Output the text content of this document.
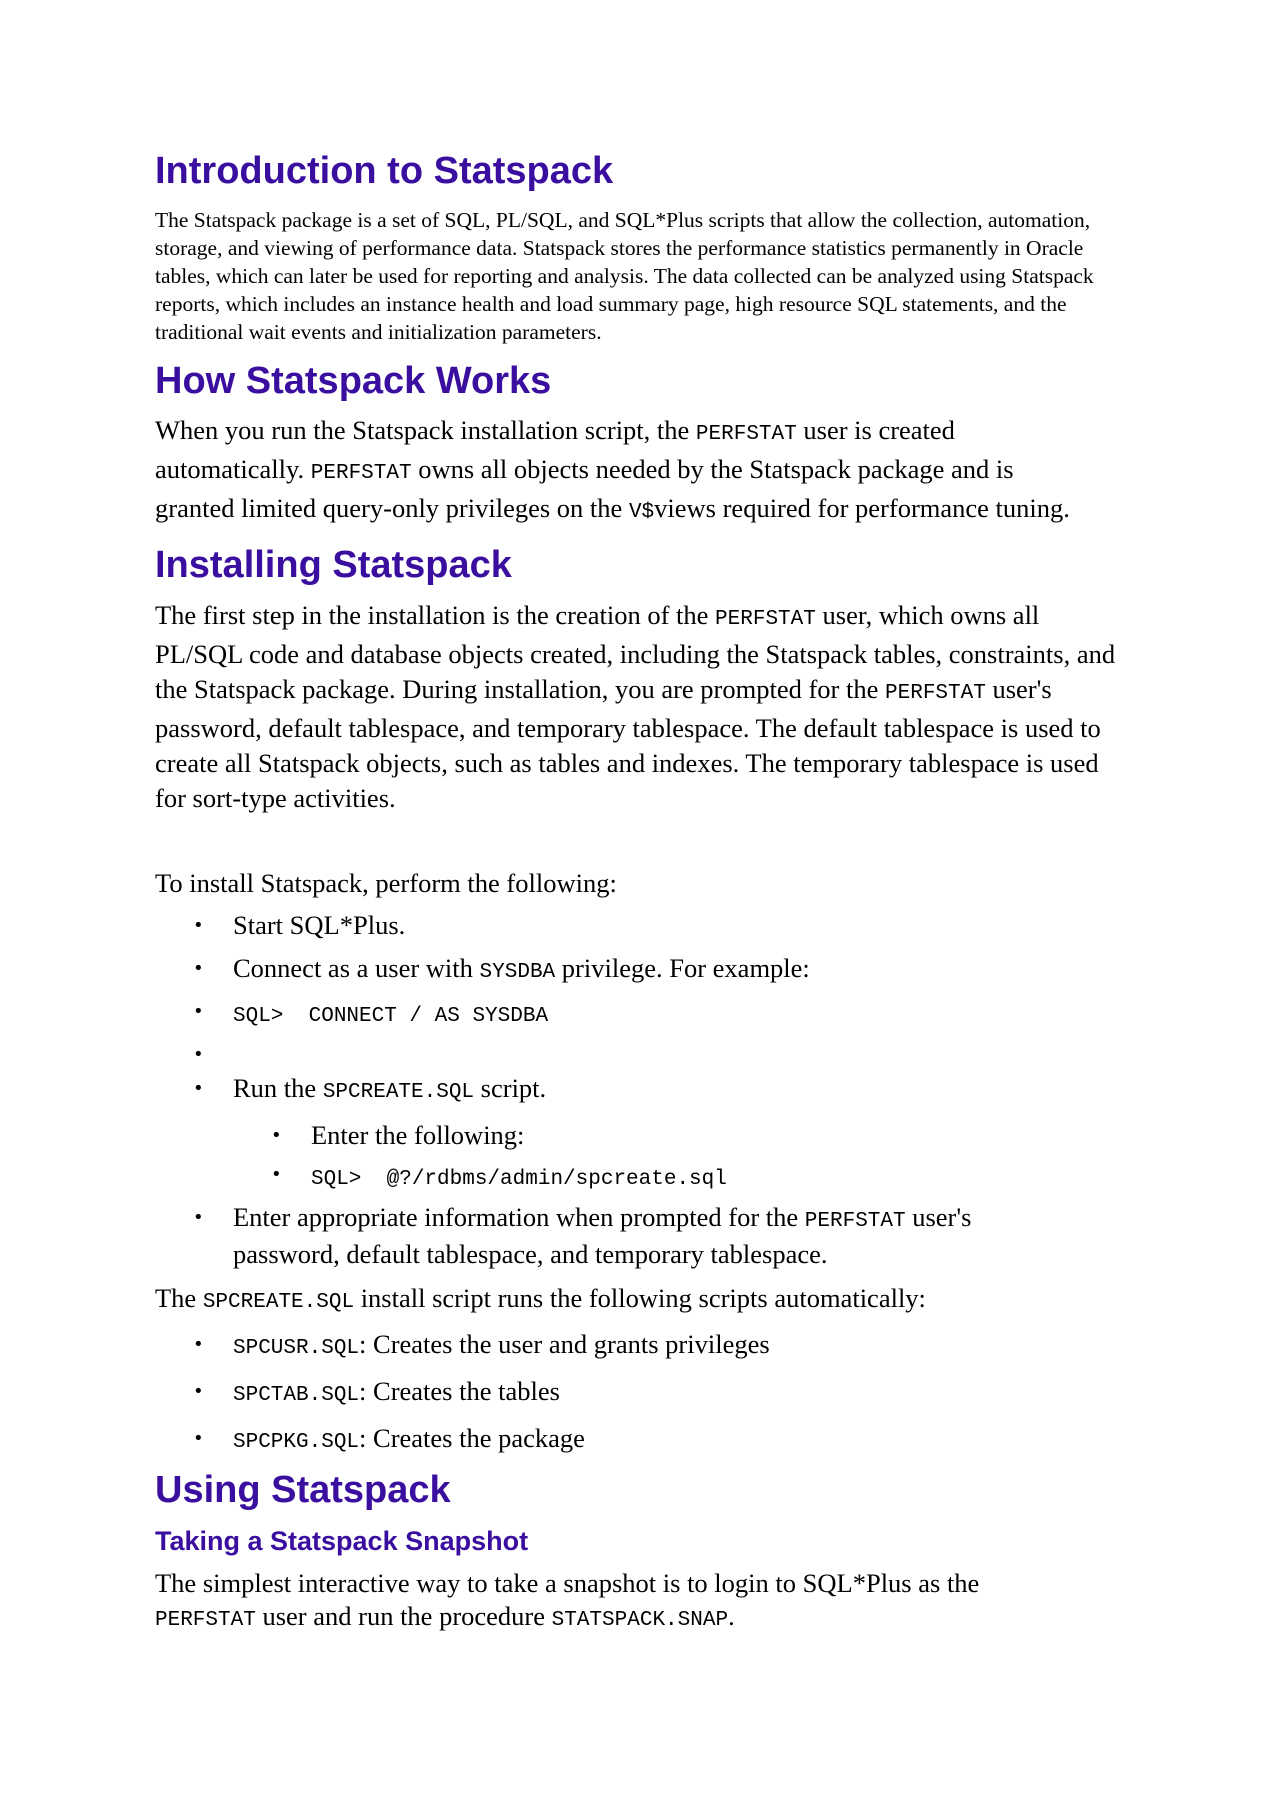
Introduction to Statspack

The Statspack package is a set of SQL, PL/SQL, and SQL*Plus scripts that allow the collection, automation, storage, and viewing of performance data. Statspack stores the performance statistics permanently in Oracle tables, which can later be used for reporting and analysis. The data collected can be analyzed using Statspack reports, which includes an instance health and load summary page, high resource SQL statements, and the traditional wait events and initialization parameters.

How Statspack Works

When you run the Statspack installation script, the PERFSTAT user is created automatically. PERFSTAT owns all objects needed by the Statspack package and is granted limited query-only privileges on the V$views required for performance tuning.

Installing Statspack

The first step in the installation is the creation of the PERFSTAT user, which owns all PL/SQL code and database objects created, including the Statspack tables, constraints, and the Statspack package. During installation, you are prompted for the PERFSTAT user's password, default tablespace, and temporary tablespace. The default tablespace is used to create all Statspack objects, such as tables and indexes. The temporary tablespace is used for sort-type activities.

To install Statspack, perform the following:

• Start SQL*Plus.
• Connect as a user with SYSDBA privilege. For example:
• SQL>  CONNECT / AS SYSDBA
•
• Run the SPCREATE.SQL script.
• Enter the following:
• SQL>  @?/rdbms/admin/spcreate.sql
• Enter appropriate information when prompted for the PERFSTAT user's password, default tablespace, and temporary tablespace.

The SPCREATE.SQL install script runs the following scripts automatically:

• SPCUSR.SQL: Creates the user and grants privileges
• SPCTAB.SQL: Creates the tables
• SPCPKG.SQL: Creates the package
Using Statspack
Taking a Statspack Snapshot

The simplest interactive way to take a snapshot is to login to SQL*Plus as the PERFSTAT user and run the procedure STATSPACK.SNAP.
